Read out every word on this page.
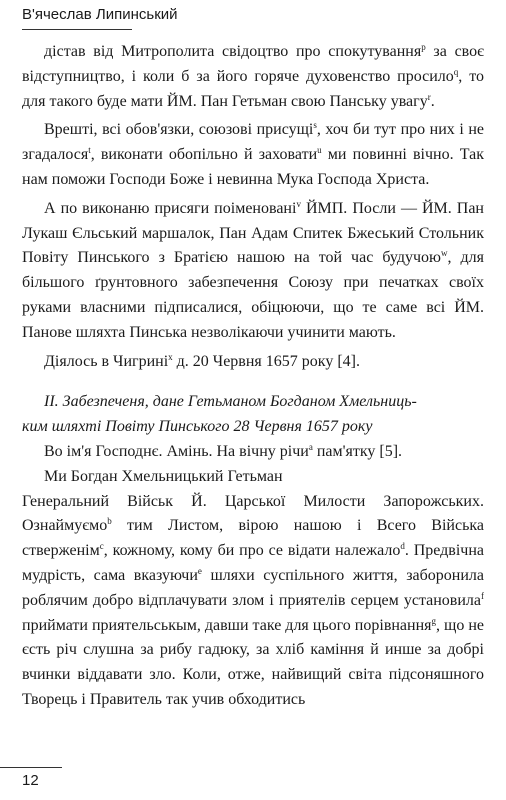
В'ячеслав Липинський

дістав від Митрополита свідоцтво про спокутування$^p$ за своє відступництво, і коли б за його горяче духовенство просило$^q$, то для такого буде мати ЙМ. Пан Гетьман свою Панську увагу$^r$.

Врешті, всі обов'язки, союзові присущі$^s$, хоч би тут про них і не згадалося$^t$, виконати обопільно й заховати$^u$ ми повинні вічно. Так нам поможи Господи Боже і невинна Мука Господа Христа.

А по виконаню присяги поіменовані$^v$ ЙМП. Посли — ЙМ. Пан Лукаш Єльський маршалок, Пан Адам Спитек Бжеський Стольник Повіту Пинського з Братією нашою на той час будучою$^w$, для більшого ґрунтовного забезпечення Союзу при печатках своїх руками власними підписалися, обіцюючи, що те саме всі ЙМ. Панове шляхта Пинська незволікаючи учинити мають.

Діялось в Чигрині$^x$ д. 20 Червня 1657 року [4].

II. Забезпеченя, дане Гетьманом Богданом Хмельниць-
ким шляхті Повіту Пинського 28 Червня 1657 року

Во ім'я Господнє. Амінь. На вічну річи$^a$ пам'ятку [5].

Ми Богдан Хмельницький Гетьман

Генеральний Військ Й. Царської Милости Запорожських. Ознаймуємо$^b$ тим Листом, вірою нашою і Всего Війська стверженім$^c$, кожному, кому би про се відати належало$^d$. Предвічна мудрість, сама вказуючи$^e$ шляхи суспільного життя, заборонила роблячим добро відплачувати злом і приятелів серцем установила$^f$ приймати приятельськым, давши таке для цього порівнання$^g$, що не єсть річ слушна за рибу гадюку, за хліб каміння й инше за добрі вчинки віддавати зло. Коли, отже, найвищий світа підсоняшного Творець і Правитель так учив обходитись

12
